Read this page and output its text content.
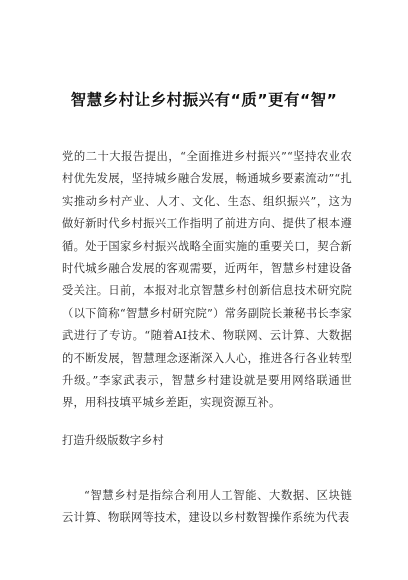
智慧乡村让乡村振兴有“质”更有“智”
党的二十大报告提出，“全面推进乡村振兴”“坚持农业农村优先发展，坚持城乡融合发展，畅通城乡要素流动”“扎实推动乡村产业、人才、文化、生态、组织振兴”，这为做好新时代乡村振兴工作指明了前进方向、提供了根本遵循。处于国家乡村振兴战略全面实施的重要关口，契合新时代城乡融合发展的客观需要，近两年，智慧乡村建设备受关注。日前，本报对北京智慧乡村创新信息技术研究院（以下简称“智慧乡村研究院”）常务副院长兼秘书长李家武进行了专访。“随着AI技术、物联网、云计算、大数据的不断发展，智慧理念逐渐深入人心，推进各行各业转型升级。”李家武表示，智慧乡村建设就是要用网络联通世界，用科技填平城乡差距，实现资源互补。
打造升级版数字乡村
“智慧乡村是指综合利用人工智能、大数据、区块链云计算、物联网等技术，建设以乡村数智操作系统为代表
